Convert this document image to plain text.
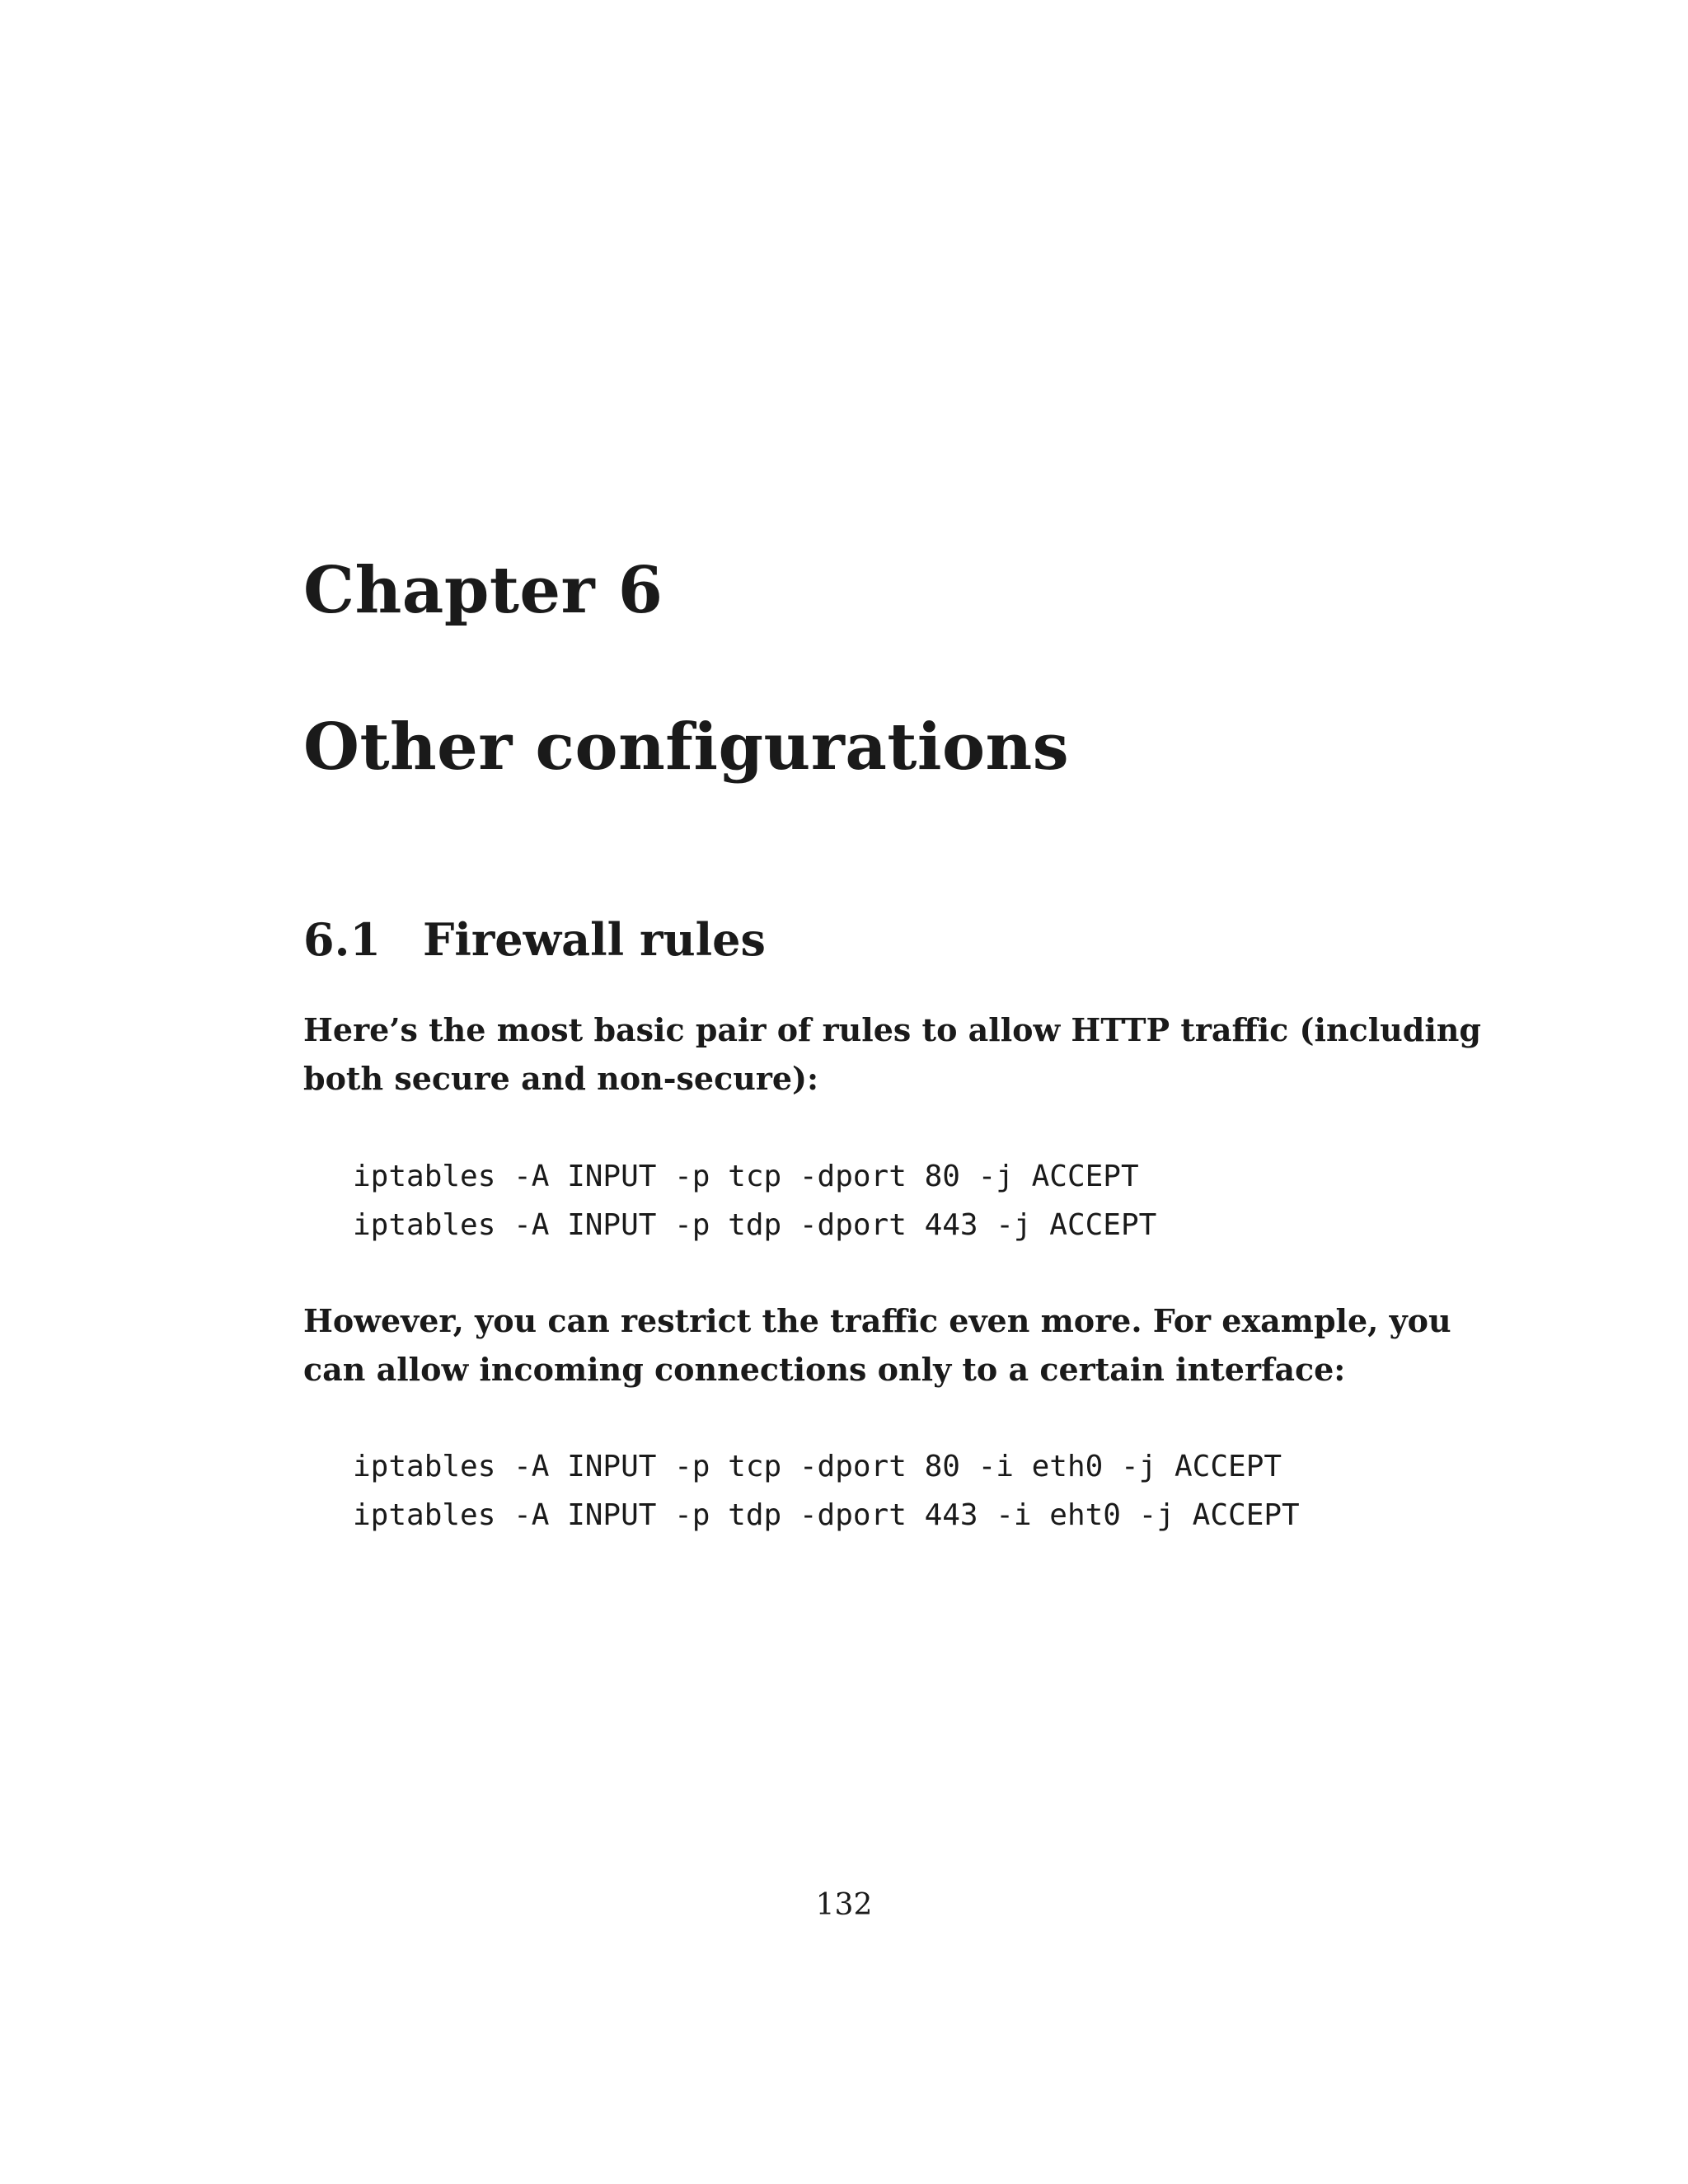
Chapter 6
Other configurations
6.1 Firewall rules

Here’s the most basic pair of rules to allow HTTP traffic (including
both secure and non-secure):

iptables -A INPUT -p tcp -dport 80 -j ACCEPT
iptables -A INPUT -p tdp -dport 443 -j ACCEPT

However, you can restrict the traffic even more. For example, you
can allow incoming connections only to a certain interface:

iptables -A INPUT -p tcp -dport 80 -i eth0 -j ACCEPT
iptables -A INPUT -p tdp -dport 443 -i eht0 -j ACCEPT
132
